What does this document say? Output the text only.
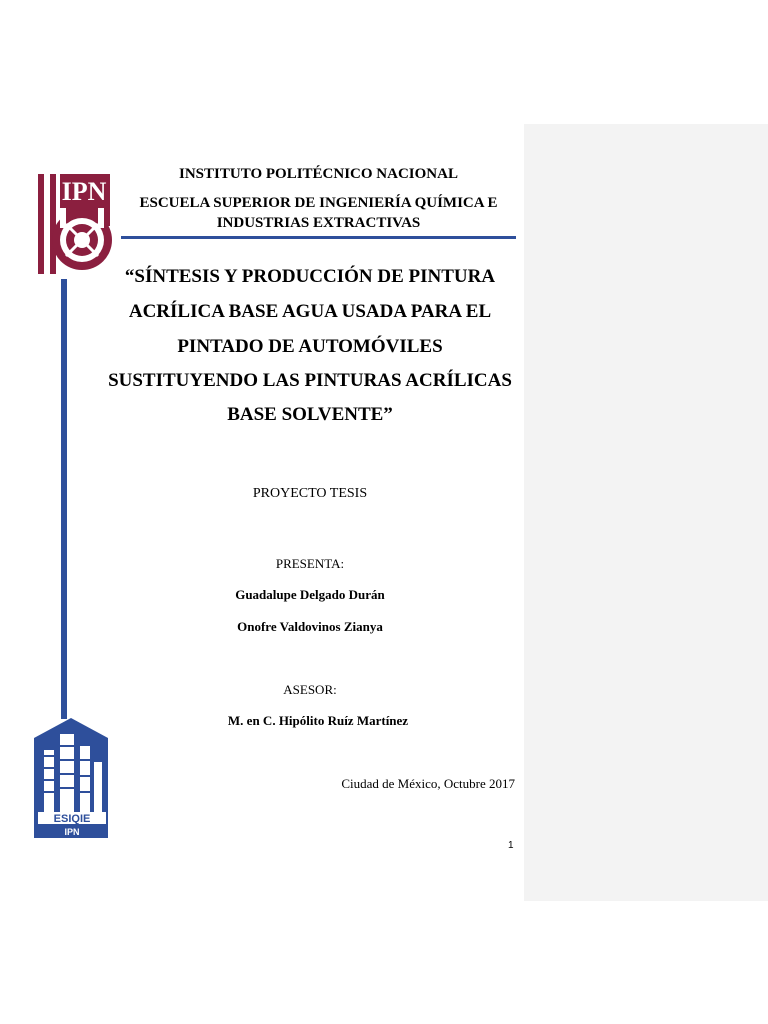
IPN
ESIQIE
IPN
INSTITUTO POLITÉCNICO NACIONAL
ESCUELA SUPERIOR DE INGENIERÍA QUÍMICA E
INDUSTRIAS EXTRACTIVAS
“SÍNTESIS Y PRODUCCIÓN DE PINTURA
ACRÍLICA BASE AGUA USADA PARA EL
PINTADO DE AUTOMÓVILES
SUSTITUYENDO LAS PINTURAS ACRÍLICAS
BASE SOLVENTE”
PROYECTO TESIS
PRESENTA:
Guadalupe Delgado Durán
Onofre Valdovinos Zianya
ASESOR:
M. en C. Hipólito Ruíz Martínez
Ciudad de México, Octubre 2017
1
